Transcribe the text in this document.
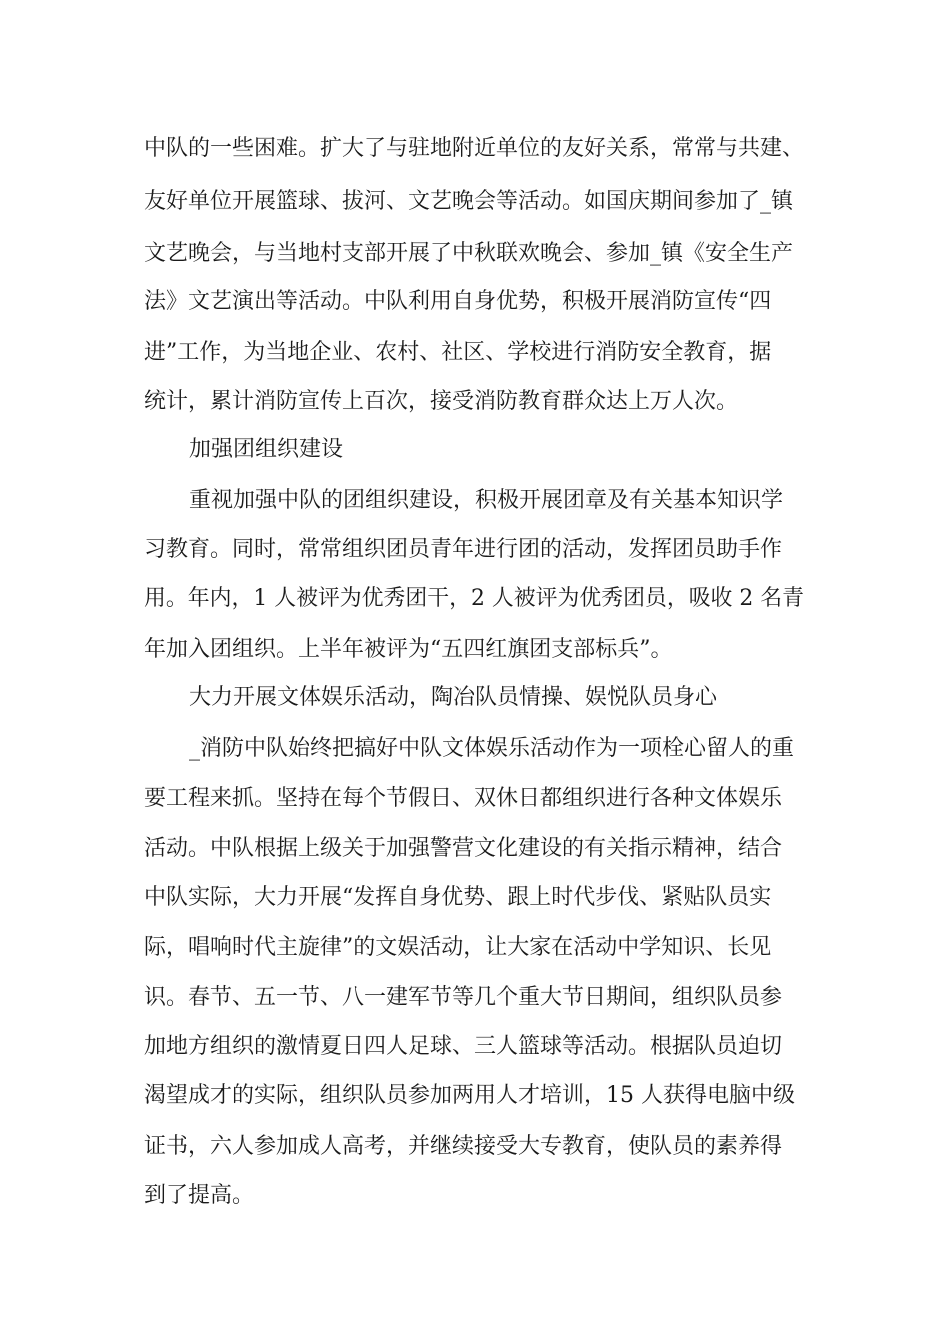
中队的一些困难。扩大了与驻地附近单位的友好关系，常常与共建、

友好单位开展篮球、拔河、文艺晚会等活动。如国庆期间参加了_镇

文艺晚会，与当地村支部开展了中秋联欢晚会、参加_镇《安全生产

法》文艺演出等活动。中队利用自身优势，积极开展消防宣传“四

进”工作，为当地企业、农村、社区、学校进行消防安全教育，据

统计，累计消防宣传上百次，接受消防教育群众达上万人次。

加强团组织建设

重视加强中队的团组织建设，积极开展团章及有关基本知识学

习教育。同时，常常组织团员青年进行团的活动，发挥团员助手作

用。年内，1 人被评为优秀团干，2 人被评为优秀团员，吸收 2 名青

年加入团组织。上半年被评为“五四红旗团支部标兵”。

大力开展文体娱乐活动，陶冶队员情操、娱悦队员身心

_消防中队始终把搞好中队文体娱乐活动作为一项栓心留人的重

要工程来抓。坚持在每个节假日、双休日都组织进行各种文体娱乐

活动。中队根据上级关于加强警营文化建设的有关指示精神，结合

中队实际，大力开展“发挥自身优势、跟上时代步伐、紧贴队员实

际，唱响时代主旋律”的文娱活动，让大家在活动中学知识、长见

识。春节、五一节、八一建军节等几个重大节日期间，组织队员参

加地方组织的激情夏日四人足球、三人篮球等活动。根据队员迫切

渴望成才的实际，组织队员参加两用人才培训，15 人获得电脑中级

证书，六人参加成人高考，并继续接受大专教育，使队员的素养得

到了提高。
